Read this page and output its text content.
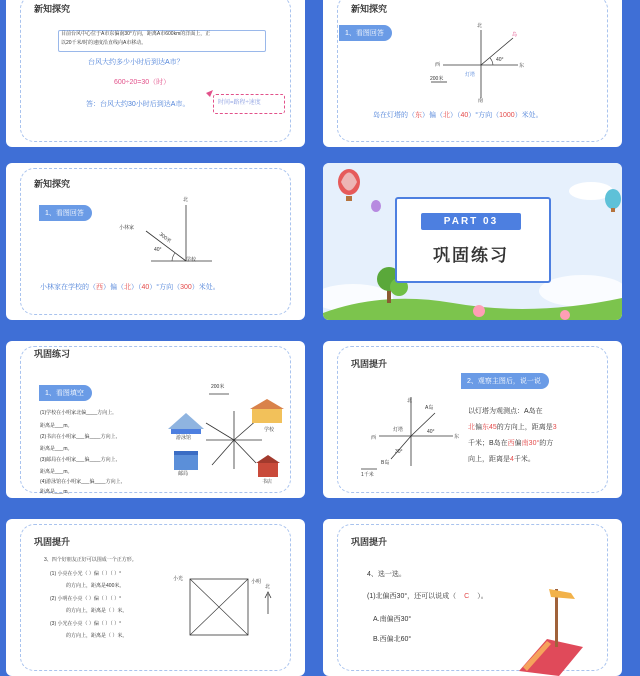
新知探究
目前台风中心位于A市东偏南30°方向，距离A市600km的洋面上，正
以20千米/时的速度沿直线向A市移动。
台风大约多少小时后到达A市？
600÷20=30（时）
答：台风大约30小时后到达A市。	时间=路程÷速度
新知探究
1、看图回答
北
岛
东
西
南
灯塔
40°
200米
岛在灯塔的（东）偏（北）（40）°方向（1000）米处。
新知探究
1、看图回答
北
小林家
300米
40°
学校
小林家在学校的（西）偏（北）（40）°方向（300）米处。
PART 03
巩固练习
巩固练习
1、看图填空
200米
(1)学校在小明家北偏____方向上,
距离是___m。
(2)书店在小明家___偏____方向上,
距离是___m。
(3)邮局在小明家___偏____方向上,
距离是___m。
(4)游泳馆在小明家___偏____方向上,
距离是___m。
游泳馆
学校
邮局
书店
巩固提升
2、观察主图后，说一说
A岛
北
灯塔	40°
东
西
30°
B岛
1千米
以灯塔为观测点：A岛在
北偏东45的方向上，距离是3
千米；B岛在西偏南30°的方
向上，距离是4千米。
巩固提升
3、四个好朋友正好可以围成一个正方形。
(1) 小亮在小光（ ）偏（ ）（ ）°
的方向上，距离是400米。
(2) 小明在小亮（ ）偏（ ）（ ）°
的方向上，距离是（ ）米。
(3) 小光在小亮（ ）偏（ ）（ ）°
的方向上，距离是（ ）米。
小光	小明
北
巩固提升
4、选一选。
(1)北偏西30°，还可以说成（ C ）。
A.南偏西30°
B.西偏北60°
